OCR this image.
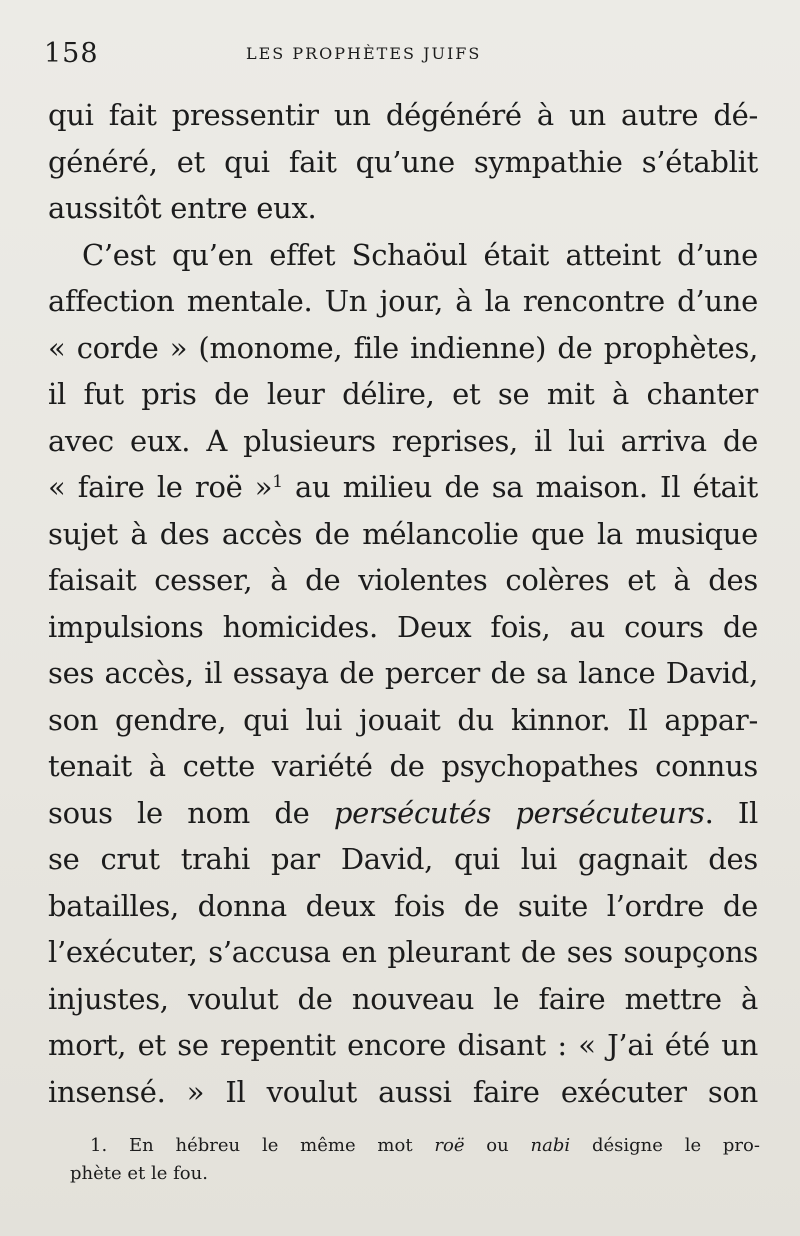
158	LES PROPHÈTES JUIFS
qui fait pressentir un dégénéré à un autre dé-
généré, et qui fait qu’une sympathie s’établit
aussitôt entre eux.
C’est qu’en effet Schaöul était atteint d’une
affection mentale. Un jour, à la rencontre d’une
« corde » (monome, file indienne) de prophètes,
il fut pris de leur délire, et se mit à chanter
avec eux. A plusieurs reprises, il lui arriva de
« faire le roë »$^1$ au milieu de sa maison. Il était
sujet à des accès de mélancolie que la musique
faisait cesser, à de violentes colères et à des
impulsions homicides. Deux fois, au cours de
ses accès, il essaya de percer de sa lance David,
son gendre, qui lui jouait du kinnor. Il appar-
tenait à cette variété de psychopathes connus
sous le nom de persécutés persécuteurs. Il
se crut trahi par David, qui lui gagnait des
batailles, donna deux fois de suite l’ordre de
l’exécuter, s’accusa en pleurant de ses soupçons
injustes, voulut de nouveau le faire mettre à
mort, et se repentit encore disant : « J’ai été un
insensé. » Il voulut aussi faire exécuter son
1. En hébreu le même mot roë ou nabi désigne le pro-
phète et le fou.
